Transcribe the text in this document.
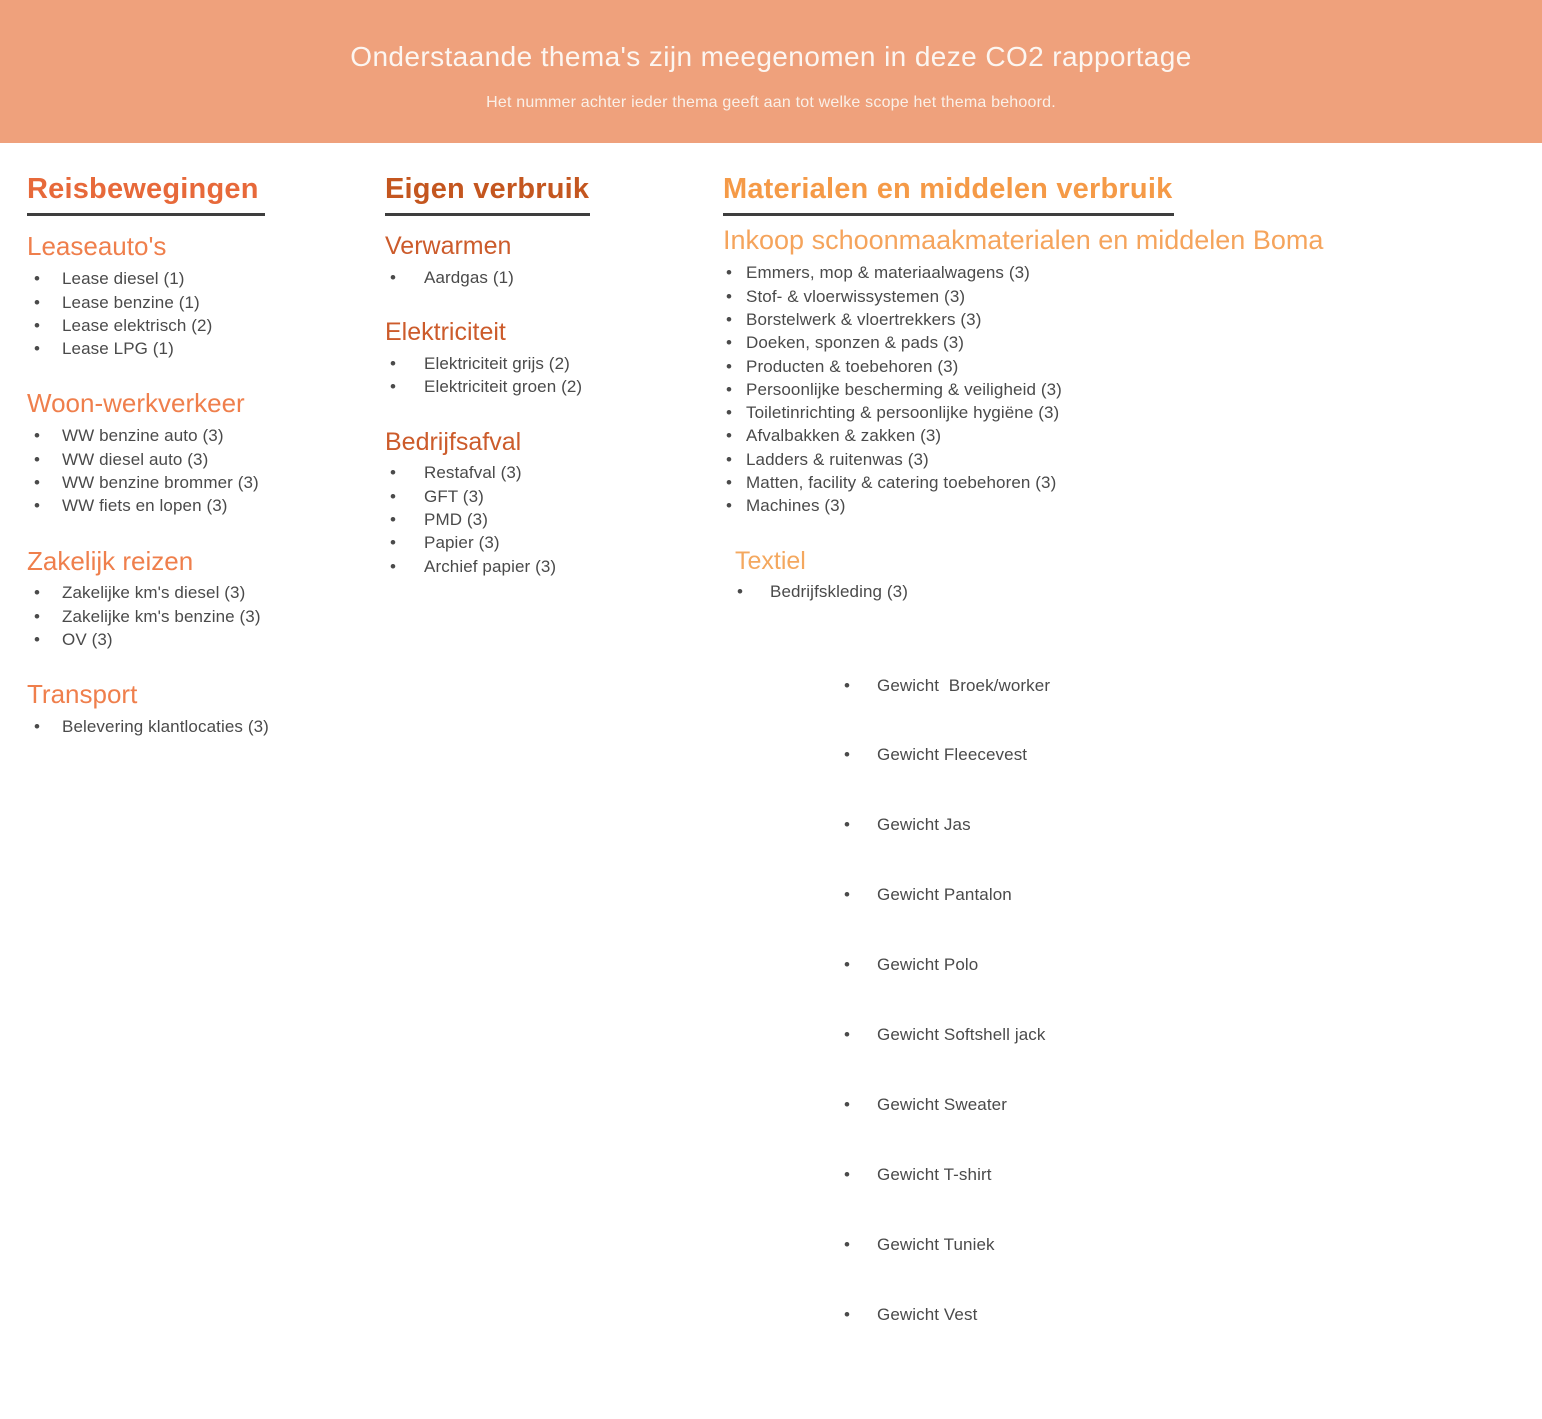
Onderstaande thema's zijn meegenomen in deze CO2 rapportage
Het nummer achter ieder thema geeft aan tot welke scope het thema behoord.
Reisbewegingen
Leaseauto's
• Lease diesel (1)
• Lease benzine (1)
• Lease elektrisch (2)
• Lease LPG (1)
Woon-werkverkeer
• WW benzine auto (3)
• WW diesel auto (3)
• WW benzine brommer (3)
• WW fiets en lopen (3)
Zakelijk reizen
• Zakelijke km's diesel (3)
• Zakelijke km's benzine (3)
• OV (3)
Transport
• Belevering klantlocaties (3)
Eigen verbruik
Verwarmen
• Aardgas (1)
Elektriciteit
• Elektriciteit grijs (2)
• Elektriciteit groen (2)
Bedrijfsafval
• Restafval (3)
• GFT (3)
• PMD (3)
• Papier (3)
• Archief papier (3)
Materialen en middelen verbruik
Inkoop schoonmaakmaterialen en middelen Boma
• Emmers, mop & materiaalwagens (3)
• Stof- & vloerwissystemen (3)
• Borstelwerk & vloertrekkers (3)
• Doeken, sponzen & pads (3)
• Producten & toebehoren (3)
• Persoonlijke bescherming & veiligheid (3)
• Toiletinrichting & persoonlijke hygiëne (3)
• Afvalbakken & zakken (3)
• Ladders & ruitenwas (3)
• Matten, facility & catering toebehoren (3)
• Machines (3)
Textiel
• Bedrijfskleding (3)

• Gewicht  Broek/worker

• Gewicht Fleecevest

• Gewicht Jas

• Gewicht Pantalon

• Gewicht Polo

• Gewicht Softshell jack

• Gewicht Sweater

• Gewicht T-shirt

• Gewicht Tuniek

• Gewicht Vest
